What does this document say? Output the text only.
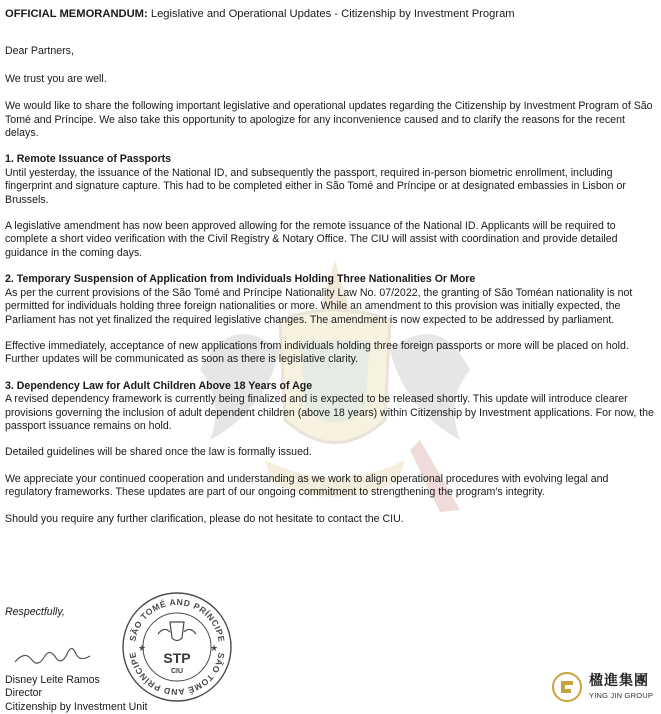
OFFICIAL MEMORANDUM: Legislative and Operational Updates - Citizenship by Investment Program

Dear Partners,

We trust you are well.

We would like to share the following important legislative and operational updates regarding the Citizenship by Investment Program of São Tomé and Príncipe. We also take this opportunity to apologize for any inconvenience caused and to clarify the reasons for the recent delays.

1. Remote Issuance of Passports

Until yesterday, the issuance of the National ID, and subsequently the passport, required in-person biometric enrollment, including fingerprint and signature capture. This had to be completed either in São Tomé and Príncipe or at designated embassies in Lisbon or Brussels.

A legislative amendment has now been approved allowing for the remote issuance of the National ID. Applicants will be required to complete a short video verification with the Civil Registry & Notary Office. The CIU will assist with coordination and provide detailed guidance in the coming days.

2. Temporary Suspension of Application from Individuals Holding Three Nationalities Or More

As per the current provisions of the São Tomé and Príncipe Nationality Law No. 07/2022, the granting of São Toméan nationality is not permitted for individuals holding three foreign nationalities or more. While an amendment to this provision was initially expected, the Parliament has not yet finalized the required legislative changes. The amendment is now expected to be addressed by parliament.

Effective immediately, acceptance of new applications from individuals holding three foreign passports or more will be placed on hold. Further updates will be communicated as soon as there is legislative clarity.

3. Dependency Law for Adult Children Above 18 Years of Age

A revised dependency framework is currently being finalized and is expected to be released shortly. This update will introduce clearer provisions governing the inclusion of adult dependent children (above 18 years) within Citizenship by Investment applications. For now, the passport issuance remains on hold.

Detailed guidelines will be shared once the law is formally issued.

We appreciate your continued cooperation and understanding as we work to align operational procedures with evolving legal and regulatory frameworks. These updates are part of our ongoing commitment to strengthening the program's integrity.

Should you require any further clarification, please do not hesitate to contact the CIU.

Respectfully,

Disney Leite Ramos

Director

Citizenship by Investment Unit

SÃO TOMÉ AND PRÍNCIPE
SÃO TOMÉ AND PRÍNCIPE
★	★
STP
CIU
楹進集團
YING JIN GROUP
